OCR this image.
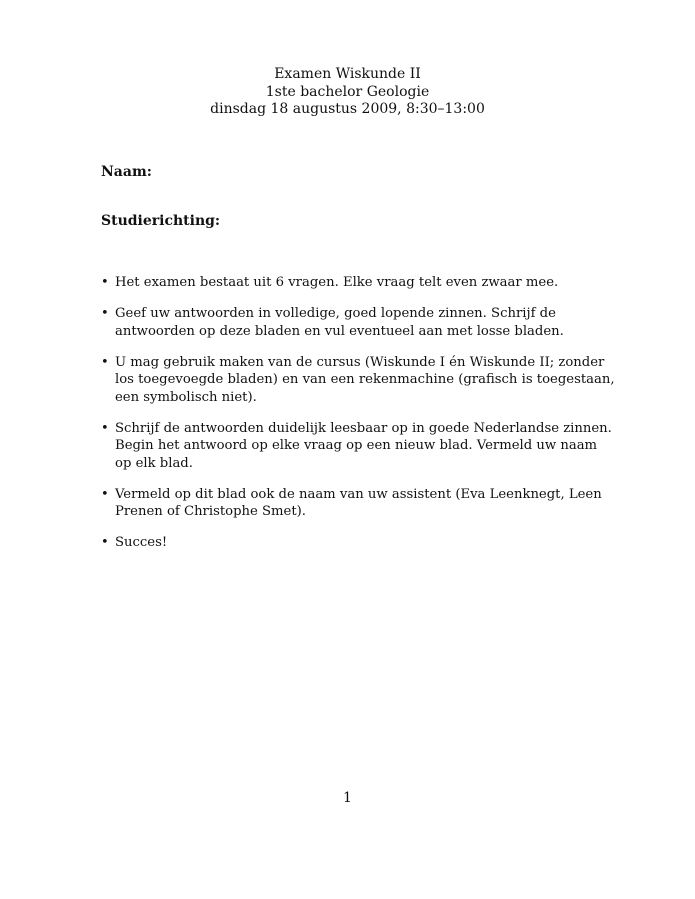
Examen Wiskunde II
1ste bachelor Geologie
dinsdag 18 augustus 2009, 8:30–13:00
Naam:
Studierichting:
• Het examen bestaat uit 6 vragen. Elke vraag telt even zwaar mee.
• Geef uw antwoorden in volledige, goed lopende zinnen. Schrijf de antwoorden op deze bladen en vul eventueel aan met losse bladen.
• U mag gebruik maken van de cursus (Wiskunde I én Wiskunde II; zonder los toegevoegde bladen) en van een rekenmachine (grafisch is toegestaan, een symbolisch niet).
• Schrijf de antwoorden duidelijk leesbaar op in goede Nederlandse zinnen. Begin het antwoord op elke vraag op een nieuw blad. Vermeld uw naam op elk blad.
• Vermeld op dit blad ook de naam van uw assistent (Eva Leenknegt, Leen Prenen of Christophe Smet).
• Succes!
1
